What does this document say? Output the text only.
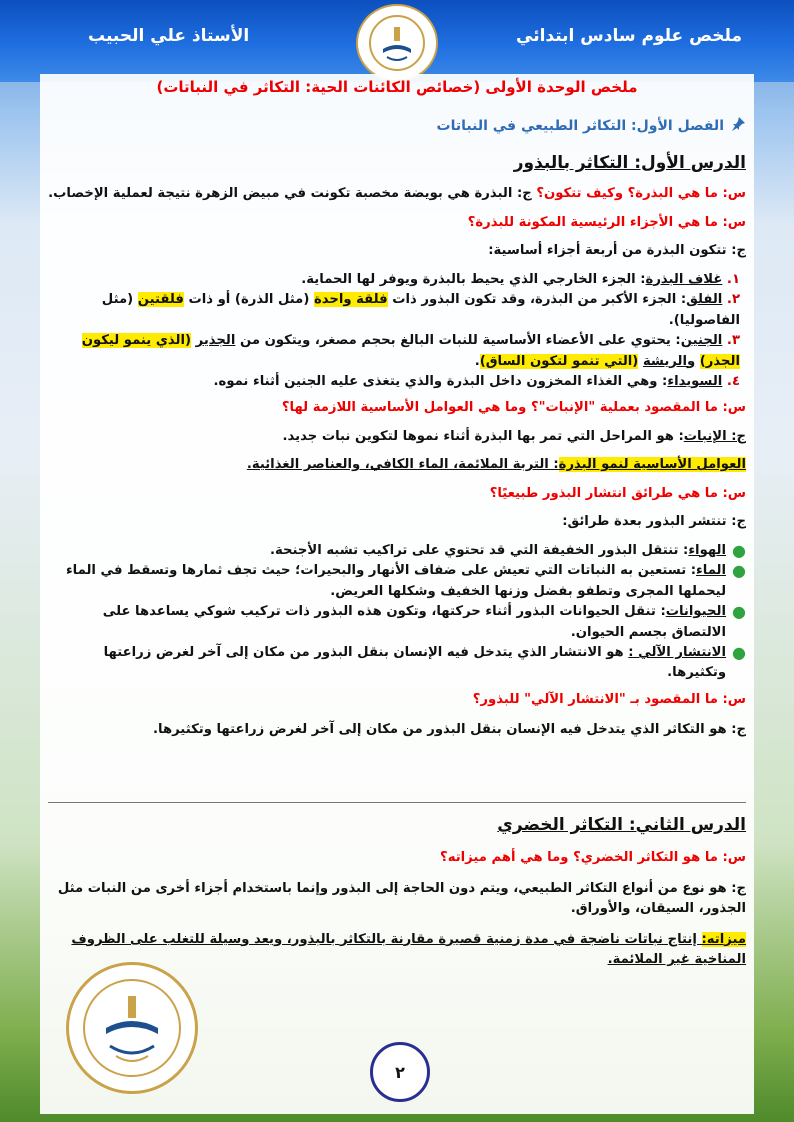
ملخص علوم سادس ابتدائي
الأستاذ علي الحبيب
ملخص الوحدة الأولى (خصائص الكائنات الحية: التكاثر في النباتات)
الفصل الأول: التكاثر الطبيعي في النباتات
الدرس الأول: التكاثر بالبذور
س: ما هي البذرة؟ وكيف تتكون؟ ج: البذرة هي بويضة مخصبة تكونت في مبيض الزهرة نتيجة لعملية الإخصاب.
س: ما هي الأجزاء الرئيسية المكونة للبذرة؟
ج: تتكون البذرة من أربعة أجزاء أساسية:
١. غلاف البذرة: الجزء الخارجي الذي يحيط بالبذرة ويوفر لها الحماية.
٢. الفلق: الجزء الأكبر من البذرة، وقد تكون البذور ذات فلقة واحدة (مثل الذرة) أو ذات فلقتين (مثل الفاصوليا).
٣. الجنين: يحتوي على الأعضاء الأساسية للنبات البالغ بحجم مصغر، ويتكون من الجذير (الذي ينمو ليكون الجذر) والريشة (التي تنمو لتكون الساق).
٤. السويداء: وهي الغذاء المخزون داخل البذرة والذي يتغذى عليه الجنين أثناء نموه.
س: ما المقصود بعملية "الإنبات"؟ وما هي العوامل الأساسية اللازمة لها؟
ج: الإنبات: هو المراحل التي تمر بها البذرة أثناء نموها لتكوين نبات جديد.
العوامل الأساسية لنمو البذرة: التربة الملائمة، الماء الكافي، والعناصر الغذائية.
س: ما هي طرائق انتشار البذور طبيعيًا؟
ج: تنتشر البذور بعدة طرائق:
●
الهواء: تنتقل البذور الخفيفة التي قد تحتوي على تراكيب تشبه الأجنحة.
●
الماء: تستعين به النباتات التي تعيش على ضفاف الأنهار والبحيرات؛ حيث تجف ثمارها وتسقط في الماء ليحملها المجرى وتطفو بفضل وزنها الخفيف وشكلها العريض.
●
الحيوانات: تنقل الحيوانات البذور أثناء حركتها، وتكون هذه البذور ذات تركيب شوكي يساعدها على الالتصاق بجسم الحيوان.
●
الانتشار الآلي : هو الانتشار الذي يتدخل فيه الإنسان بنقل البذور من مكان إلى آخر لغرض زراعتها وتكثيرها.
س: ما المقصود بـ "الانتشار الآلي" للبذور؟
ج: هو التكاثر الذي يتدخل فيه الإنسان بنقل البذور من مكان إلى آخر لغرض زراعتها وتكثيرها.
الدرس الثاني: التكاثر الخضري
س: ما هو التكاثر الخضري؟ وما هي أهم ميزاته؟
ج: هو نوع من أنواع التكاثر الطبيعي، ويتم دون الحاجة إلى البذور وإنما باستخدام أجزاء أخرى من النبات مثل الجذور، السيقان، والأوراق.
ميزاته: إنتاج نباتات ناضجة في مدة زمنية قصيرة مقارنة بالتكاثر بالبذور، ويعد وسيلة للتغلب على الظروف المناخية غير الملائمة.
٢
